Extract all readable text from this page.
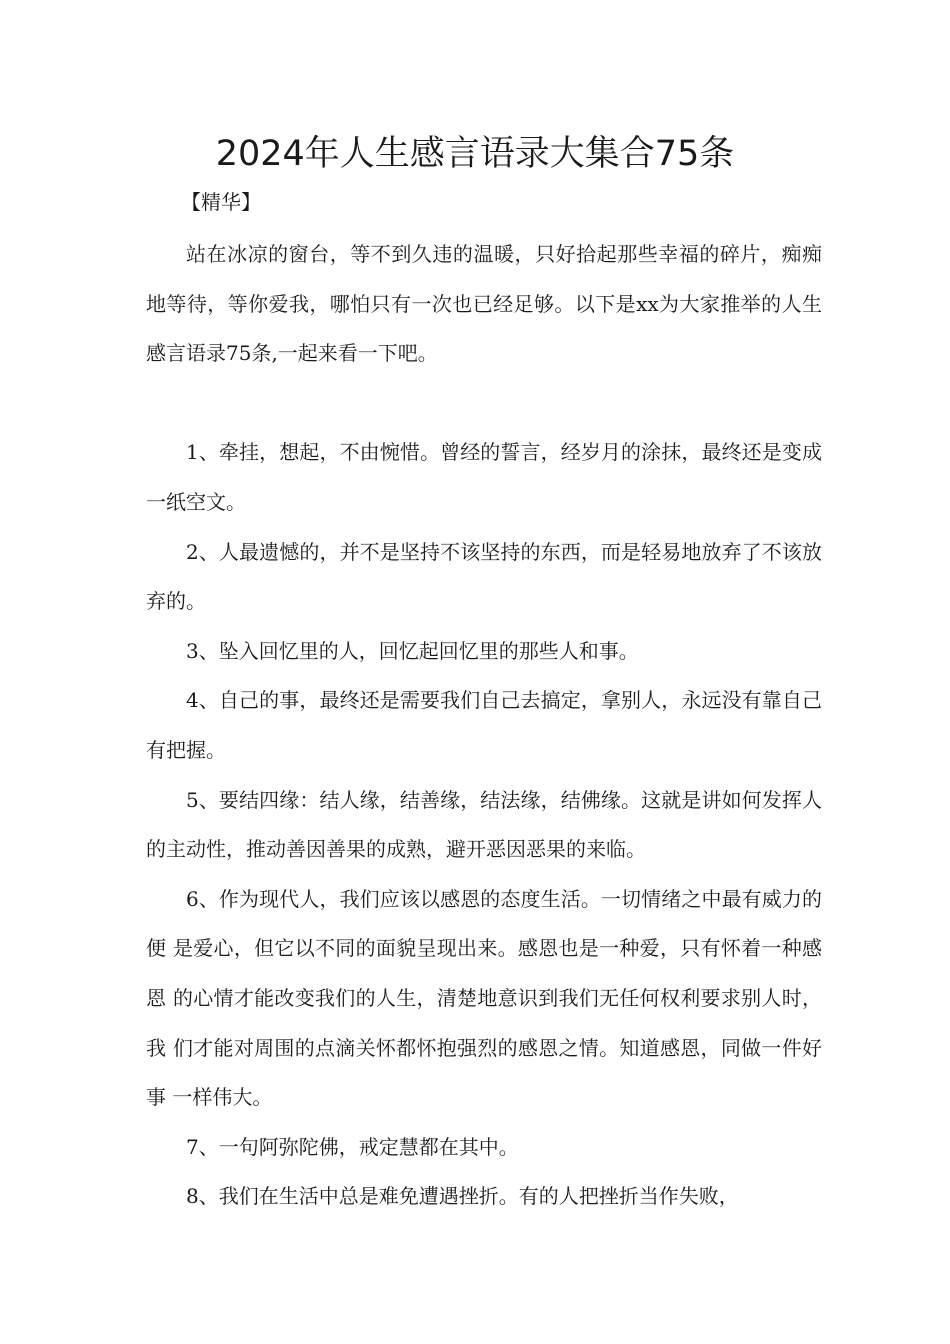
2024年人生感言语录大集合75条
【精华】

站在冰凉的窗台，等不到久违的温暖，只好拾起那些幸福的碎片，痴痴地等待，等你爱我，哪怕只有一次也已经足够。以下是xx为大家推举的人生感言语录75条,一起来看一下吧。

1、牵挂，想起，不由惋惜。曾经的誓言，经岁月的涂抹，最终还是变成一纸空文。

2、人最遗憾的，并不是坚持不该坚持的东西，而是轻易地放弃了不该放弃的。

3、坠入回忆里的人，回忆起回忆里的那些人和事。

4、自己的事，最终还是需要我们自己去搞定，拿别人，永远没有靠自己有把握。

5、要结四缘：结人缘，结善缘，结法缘，结佛缘。这就是讲如何发挥人的主动性，推动善因善果的成熟，避开恶因恶果的来临。

6、作为现代人，我们应该以感恩的态度生活。一切情绪之中最有威力的便 是爱心，但它以不同的面貌呈现出来。感恩也是一种爱，只有怀着一种感恩 的心情才能改变我们的人生，清楚地意识到我们无任何权利要求别人时，我 们才能对周围的点滴关怀都怀抱强烈的感恩之情。知道感恩，同做一件好事 一样伟大。

7、一句阿弥陀佛，戒定慧都在其中。

8、我们在生活中总是难免遭遇挫折。有的人把挫折当作失败，
